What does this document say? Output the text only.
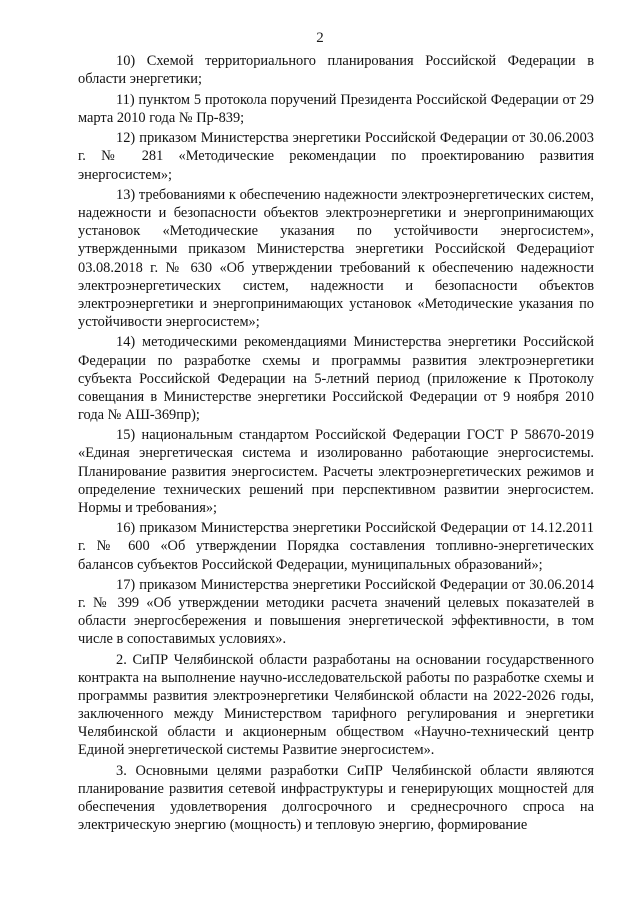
2

10) Схемой территориального планирования Российской Федерации в области энергетики;

11) пунктом 5 протокола поручений Президента Российской Федерации от 29 марта 2010 года № Пр-839;

12) приказом Министерства энергетики Российской Федерации от 30.06.2003 г. № 281 «Методические рекомендации по проектированию развития энергосистем»;

13) требованиями к обеспечению надежности электроэнергетических систем, надежности и безопасности объектов электроэнергетики и энергопринимающих установок «Методические указания по устойчивости энергосистем», утвержденными приказом Министерства энергетики Российской Федерациiот 03.08.2018 г. № 630 «Об утверждении требований к обеспечению надежности электроэнергетических систем, надежности и безопасности объектов электроэнергетики и энергопринимающих установок «Методические указания по устойчивости энергосистем»;

14) методическими рекомендациями Министерства энергетики Российской Федерации по разработке схемы и программы развития электроэнергетики субъекта Российской Федерации на 5-летний период (приложение к Протоколу совещания в Министерстве энергетики Российской Федерации от 9 ноября 2010 года № АШ-369пр);

15) национальным стандартом Российской Федерации ГОСТ Р 58670-2019 «Единая энергетическая система и изолированно работающие энергосистемы. Планирование развития энергосистем. Расчеты электроэнергетических режимов и определение технических решений при перспективном развитии энергосистем. Нормы и требования»;

16) приказом Министерства энергетики Российской Федерации от 14.12.2011 г. № 600 «Об утверждении Порядка составления топливно-энергетических балансов субъектов Российской Федерации, муниципальных образований»;

17) приказом Министерства энергетики Российской Федерации от 30.06.2014 г. № 399 «Об утверждении методики расчета значений целевых показателей в области энергосбережения и повышения энергетической эффективности, в том числе в сопоставимых условиях».

2. СиПР Челябинской области разработаны на основании государственного контракта на выполнение научно-исследовательской работы по разработке схемы и программы развития электроэнергетики Челябинской области на 2022-2026 годы, заключенного между Министерством тарифного регулирования и энергетики Челябинской области и акционерным обществом «Научно-технический центр Единой энергетической системы Развитие энергосистем».

3. Основными целями разработки СиПР Челябинской области являются планирование развития сетевой инфраструктуры и генерирующих мощностей для обеспечения удовлетворения долгосрочного и среднесрочного спроса на электрическую энергию (мощность) и тепловую энергию, формирование
